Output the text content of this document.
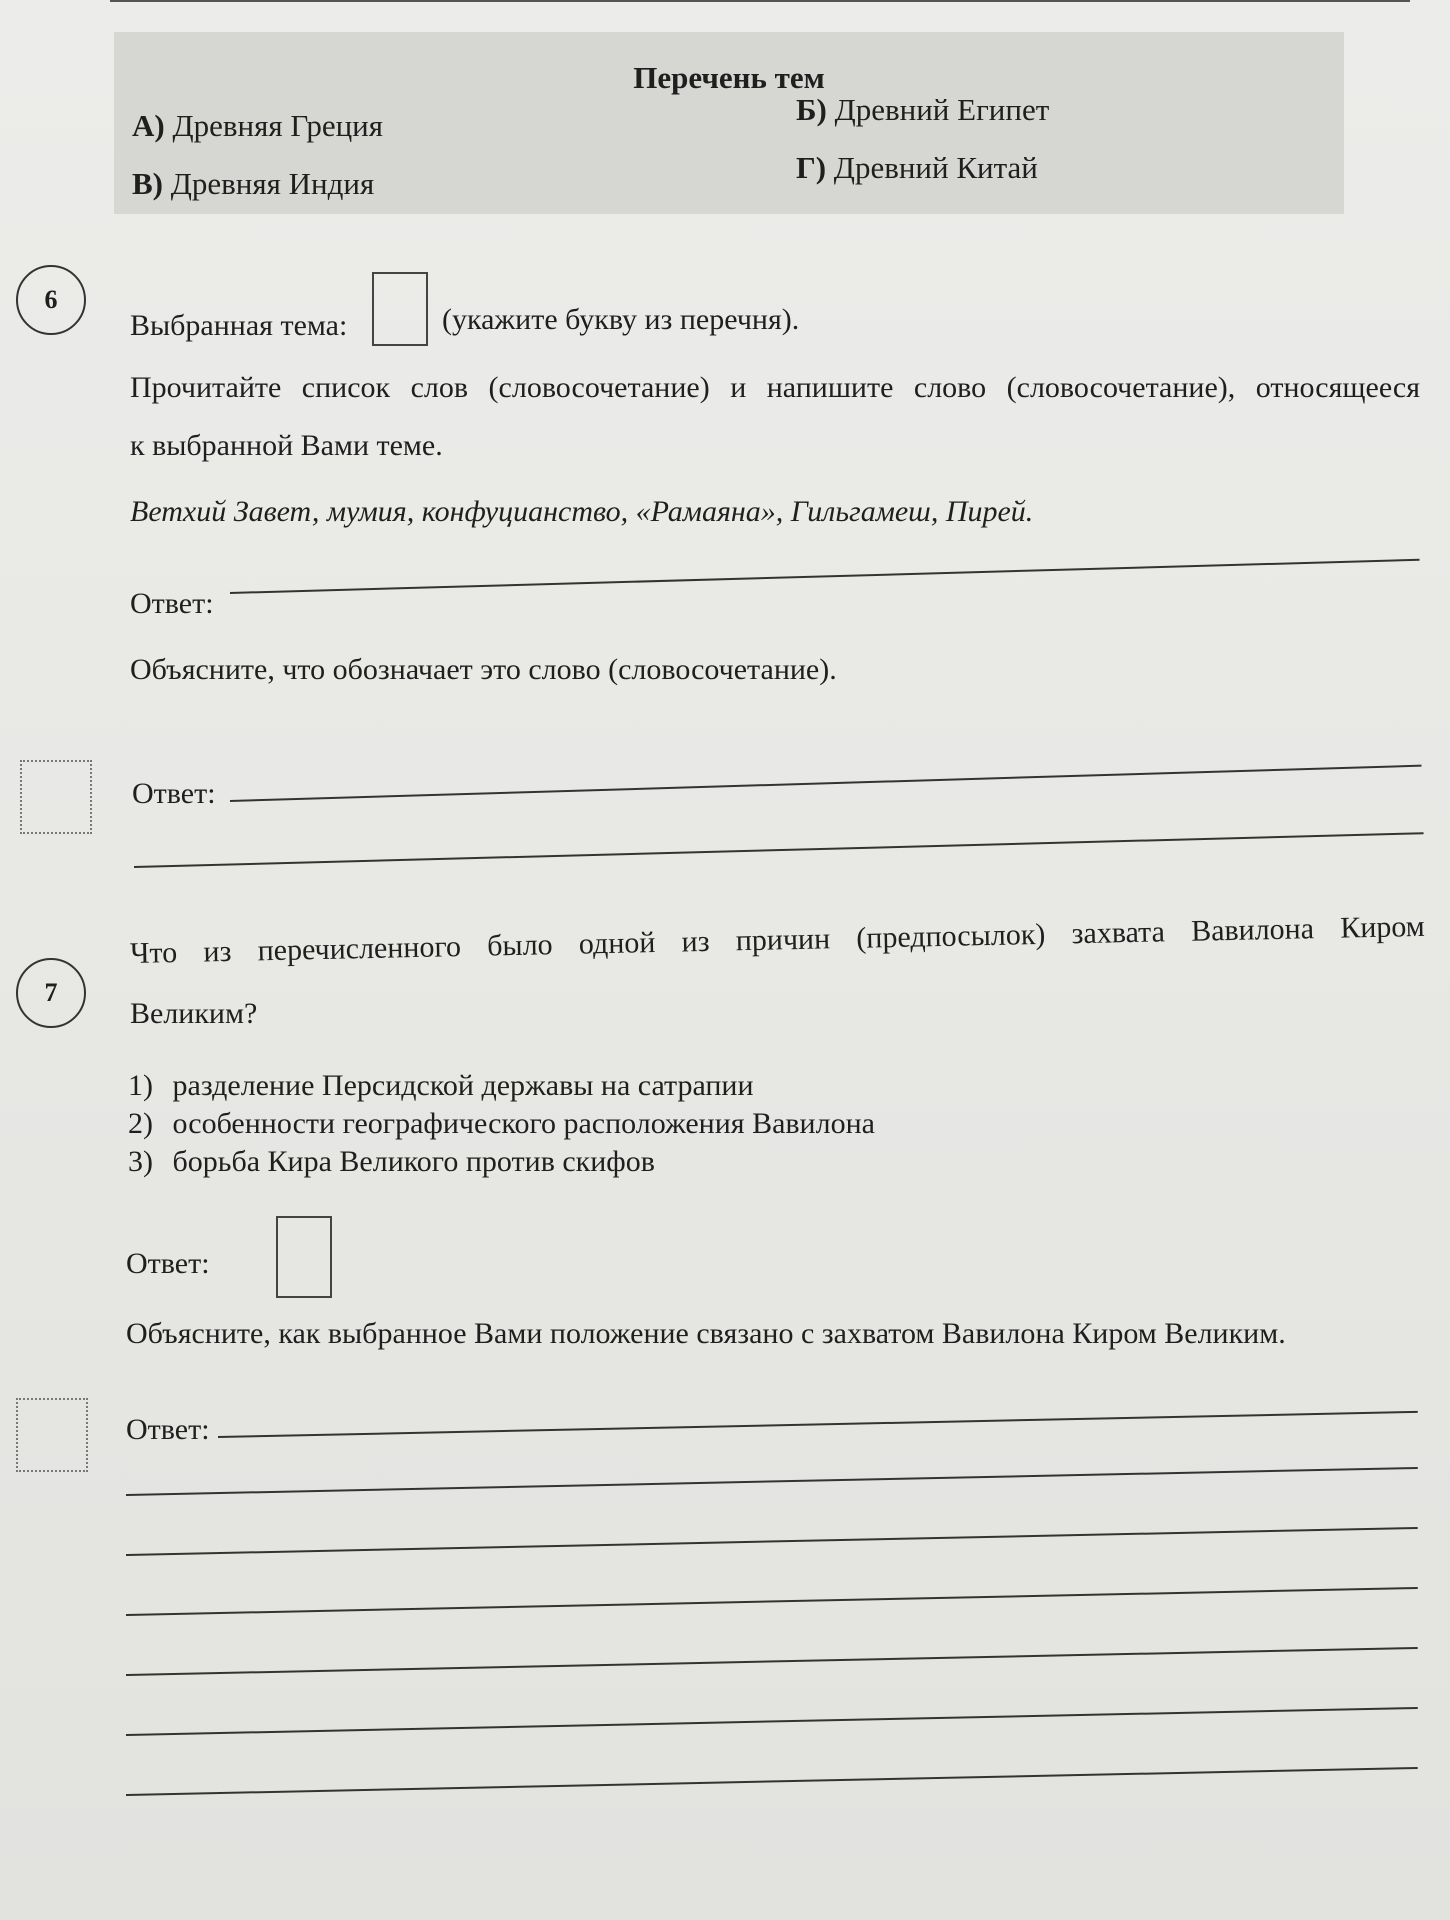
Перечень тем
А) Древняя Греция	Б) Древний Египет
В) Древняя Индия	Г) Древний Китай
6
Выбранная тема:	(укажите букву из перечня).
Прочитайте список слов (словосочетание) и напишите слово (словосочетание), относящееся
к выбранной Вами теме.
Ветхий Завет, мумия, конфуцианство, «Рамаяна», Гильгамеш, Пирей.
Ответ:
Объясните, что обозначает это слово (словосочетание).
Ответ:
7
Что из перечисленного было одной из причин (предпосылок) захвата Вавилона Киром
Великим?
1) разделение Персидской державы на сатрапии
2) особенности географического расположения Вавилона
3) борьба Кира Великого против скифов
Ответ:
Объясните, как выбранное Вами положение связано с захватом Вавилона Киром Великим.
Ответ:
